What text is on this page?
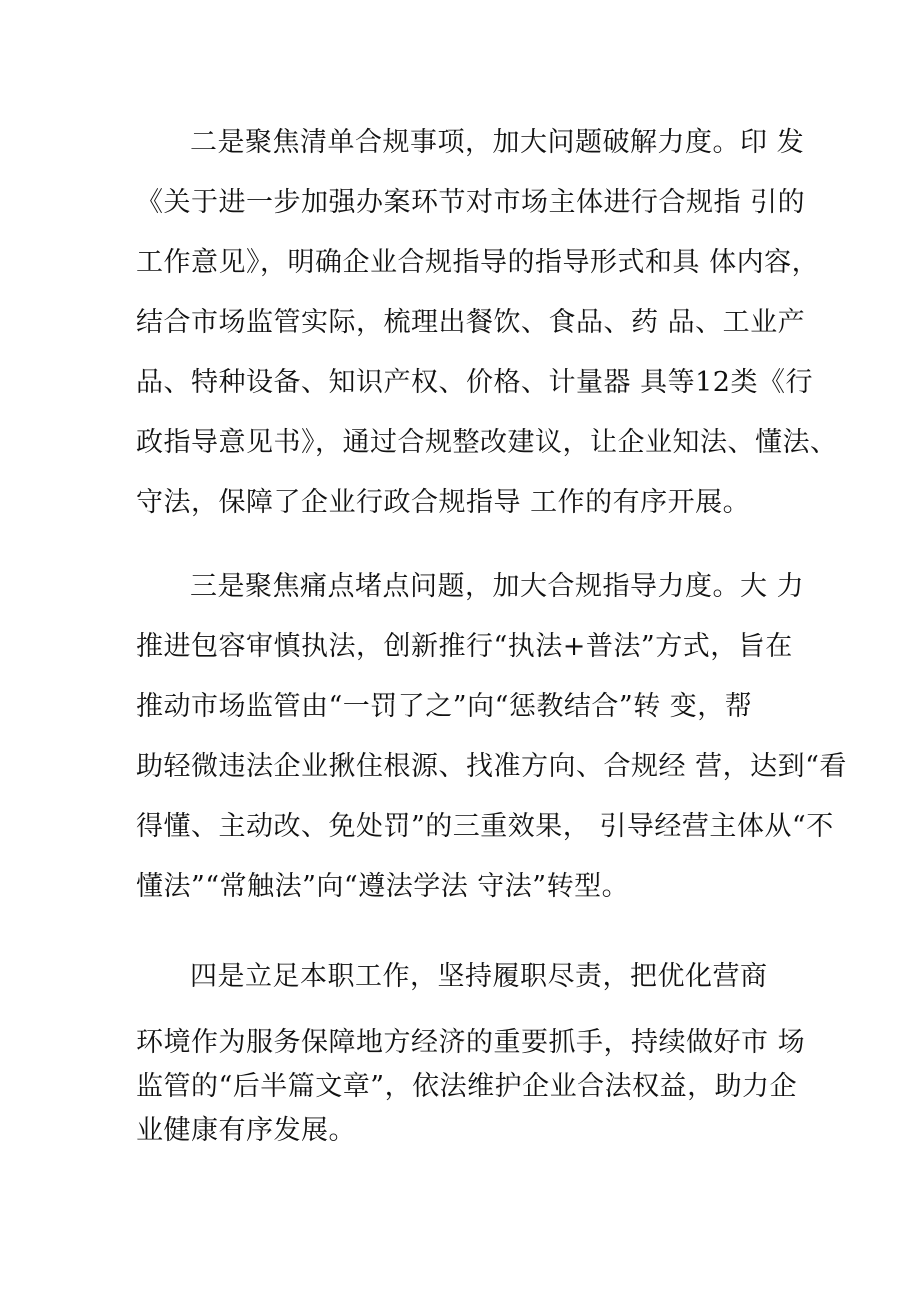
二是聚焦清单合规事项，加大问题破解力度。印 发
《关于进一步加强办案环节对市场主体进行合规指 引的
工作意见》，明确企业合规指导的指导形式和具 体内容，
结合市场监管实际，梳理出餐饮、食品、药 品、工业产
品、特种设备、知识产权、价格、计量器 具等12类《行
政指导意见书》，通过合规整改建议，让企业知法、懂法、
守法，保障了企业行政合规指导 工作的有序开展。
三是聚焦痛点堵点问题，加大合规指导力度。大 力
推进包容审慎执法，创新推行“执法+普法”方式，旨在
推动市场监管由“一罚了之”向“惩教结合”转 变，帮
助轻微违法企业揪住根源、找准方向、合规经 营，达到“看
得懂、主动改、免处罚”的三重效果， 引导经营主体从“不
懂法”“常触法”向“遵法学法 守法”转型。
四是立足本职工作，坚持履职尽责，把优化营商
环境作为服务保障地方经济的重要抓手，持续做好市 场
监管的“后半篇文章”，依法维护企业合法权益，助力企
业健康有序发展。
